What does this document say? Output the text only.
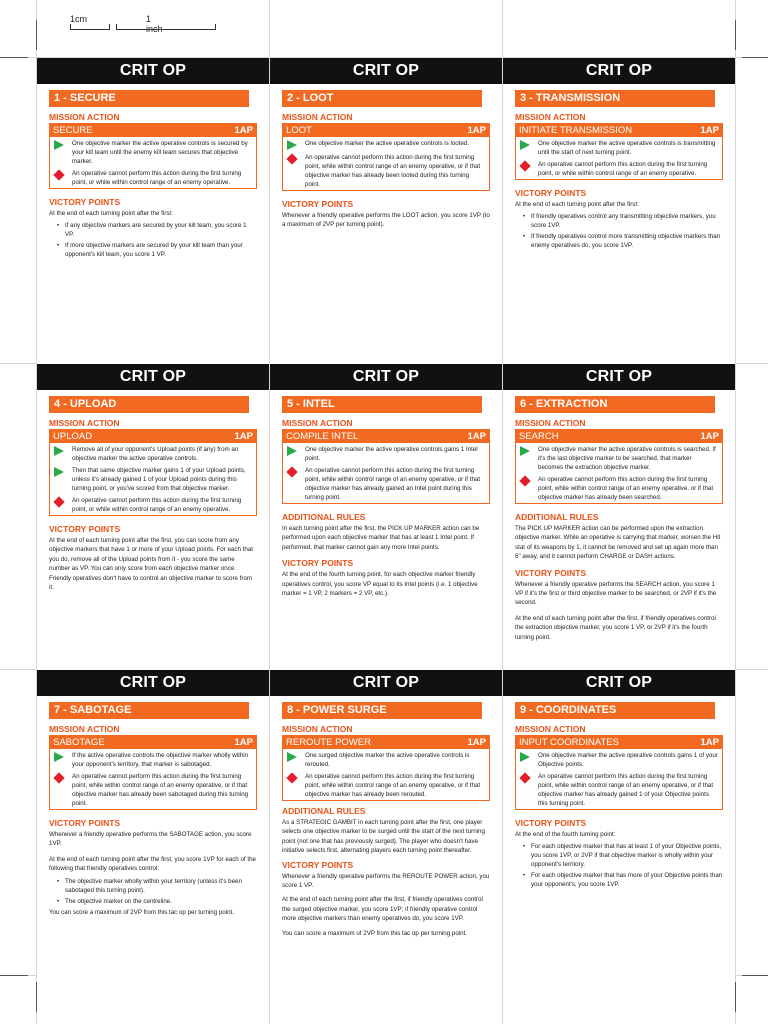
1cm	1 inch
CRIT OP
1 - SECURE
MISSION ACTION
SECURE	1AP
One objective marker the active operative controls is secured by your kill team until the enemy kill team secures that objective marker.
An operative cannot perform this action during the first turning point, or while within control range of an enemy operative.
VICTORY POINTS
At the end of each turning point after the first:
• If any objective markers are secured by your kill team, you score 1 VP.
• If more objective markers are secured by your kill team than your opponent's kill team, you score 1 VP.
CRIT OP
2 - LOOT
MISSION ACTION
LOOT	1AP
One objective marker the active operative controls is looted.
An operative cannot perform this action during the first turning point, while within control range of an enemy operative, or if that objective marker has already been looted during this turning point.
VICTORY POINTS
Whenever a friendly operative performs the LOOT action, you score 1VP (to a maximum of 2VP per turning point).
CRIT OP
3 - TRANSMISSION
MISSION ACTION
INITIATE TRANSMISSION	1AP
One objective marker the active operative controls is transmitting until the start of next turning point.
An operative cannot perform this action during the first turning point, or while within control range of an enemy operative.
VICTORY POINTS
At the end of each turning point after the first:
• If friendly operatives control any transmitting objective markers, you score 1VP.
• If friendly operatives control more transmitting objective markers than enemy operatives do, you score 1VP.
CRIT OP
4 - UPLOAD
MISSION ACTION
UPLOAD	1AP
Remove all of your opponent's Upload points (if any) from an objective marker the active operative controls.
Then that same objective marker gains 1 of your Upload points, unless it's already gained 1 of your Upload points during this turning point, or you've scored from that objective marker.
An operative cannot perform this action during the first turning point, or while within control range of an enemy operative.
VICTORY POINTS
At the end of each turning point after the first, you can score from any objective markers that have 1 or more of your Upload points. For each that you do, remove all of the Upload points from it - you score the same number as VP. You can only score from each objective marker once. Friendly operatives don't have to control an objective marker to score from it.
CRIT OP
5 - INTEL
MISSION ACTION
COMPILE INTEL	1AP
One objective marker the active operative controls gains 1 Intel point.
An operative cannot perform this action during the first turning point, while within control range of an enemy operative, or if that objective marker has already gained an Intel point during this turning point.
ADDITIONAL RULES
In each turning point after the first, the PICK UP MARKER action can be performed upon each objective marker that has at least 1 Intel point. If performed, that marker cannot gain any more Intel points.
VICTORY POINTS
At the end of the fourth turning point, for each objective marker friendly operatives control, you score VP equal to its Intel points (i.e. 1 objective marker = 1 VP, 2 markers = 2 VP, etc.).
CRIT OP
6 - EXTRACTION
MISSION ACTION
SEARCH	1AP
One objective marker the active operative controls is searched. If it's the last objective marker to be searched, that marker becomes the extraction objective marker.
An operative cannot perform this action during the first turning point, while within control range of an enemy operative, or if that objective marker has already been searched.
ADDITIONAL RULES
The PICK UP MARKER action can be performed upon the extraction objective marker. While an operative is carrying that marker, worsen the Hit stat of its weapons by 1, it cannot be removed and set up again more than 6" away, and it cannot perform CHARGE or DASH actions.
VICTORY POINTS
Whenever a friendly operative performs the SEARCH action, you score 1 VP if it's the first or third objective marker to be searched, or 2VP if it's the second.
At the end of each turning point after the first, if friendly operatives control the extraction objective marker, you score 1 VP, or 2VP if it's the fourth turning point.
CRIT OP
7 - SABOTAGE
MISSION ACTION
SABOTAGE	1AP
If the active operative controls the objective marker wholly within your opponent's territory, that marker is sabotaged.
An operative cannot perform this action during the first turning point, while within control range of an enemy operative, or if that objective marker has already been sabotaged during this turning point.
VICTORY POINTS
Whenever a friendly operative performs the SABOTAGE action, you score 1VP.
At the end of each turning point after the first, you score 1VP for each of the following that friendly operatives control:
• The objective marker wholly within your territory (unless it's been sabotaged this turning point).
• The objective marker on the centreline.
You can score a maximum of 2VP from this tac op per turning point.
CRIT OP
8 - POWER SURGE
MISSION ACTION
REROUTE POWER	1AP
One surged objective marker the active operative controls is rerouted.
An operative cannot perform this action during the first turning point, while within control range of an enemy operative, or if that objective marker has already been rerouted.
ADDITIONAL RULES
As a STRATEGIC GAMBIT in each turning point after the first, one player selects one objective marker to be surged until the start of the next turning point (not one that has previously surged). The player who doesn't have initiative selects first, alternating players each turning point thereafter.
VICTORY POINTS
Whenever a friendly operative performs the REROUTE POWER action, you score 1 VP.
At the end of each turning point after the first, if friendly operatives control the surged objective marker, you score 1VP; if friendly operative control more objective markers than enemy operatives do, you score 1VP.
You can score a maximum of 2VP from this tac op per turning point.
CRIT OP
9 - COORDINATES
MISSION ACTION
INPUT COORDINATES	1AP
One objective marker the active operative controls gains 1 of your Objective points.
An operative cannot perform this action during the first turning point, while within control range of an enemy operative, or if that objective marker has already gained 1 of your Objective points this turning point.
VICTORY POINTS
At the end of the fourth turning point:
• For each objective marker that has at least 1 of your Objective points, you score 1VP, or 2VP if that objective marker is wholly within your opponent's territory.
• For each objective marker that has more of your Objective points than your opponent's, you score 1VP.
